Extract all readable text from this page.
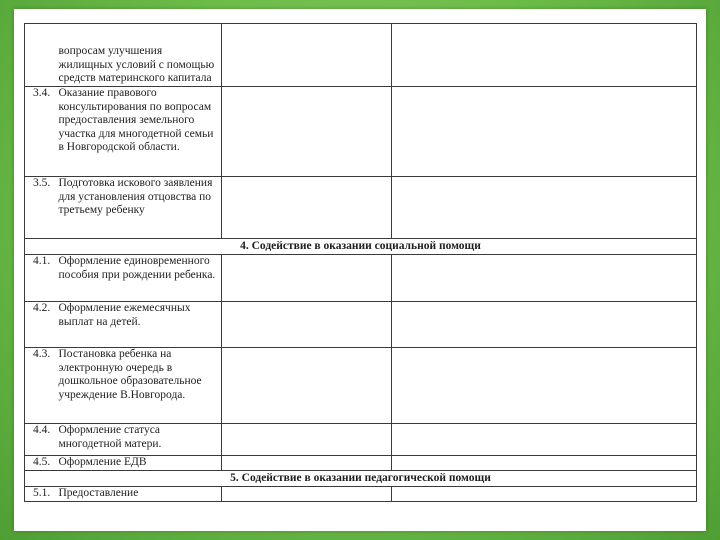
	вопросам улучшения жилищных условий с помощью средств материнского капитала		
3.4.	Оказание правового консультирования по вопросам предоставления земельного участка для многодетной семьи в Новгородской области.		
3.5.	Подготовка искового заявления для установления отцовства по третьему ребенку		
4. Содействие в оказании социальной помощи			
4.1.	Оформление единовременного пособия при рождении ребенка.		
4.2.	Оформление ежемесячных выплат на детей.		
4.3.	Постановка ребенка на электронную очередь в дошкольное образовательное учреждение В.Новгорода.		
4.4.	Оформление статуса многодетной матери.		
4.5.	Оформление ЕДВ		
5. Содействие в оказании педагогической помощи			
5.1.	Предоставление		
